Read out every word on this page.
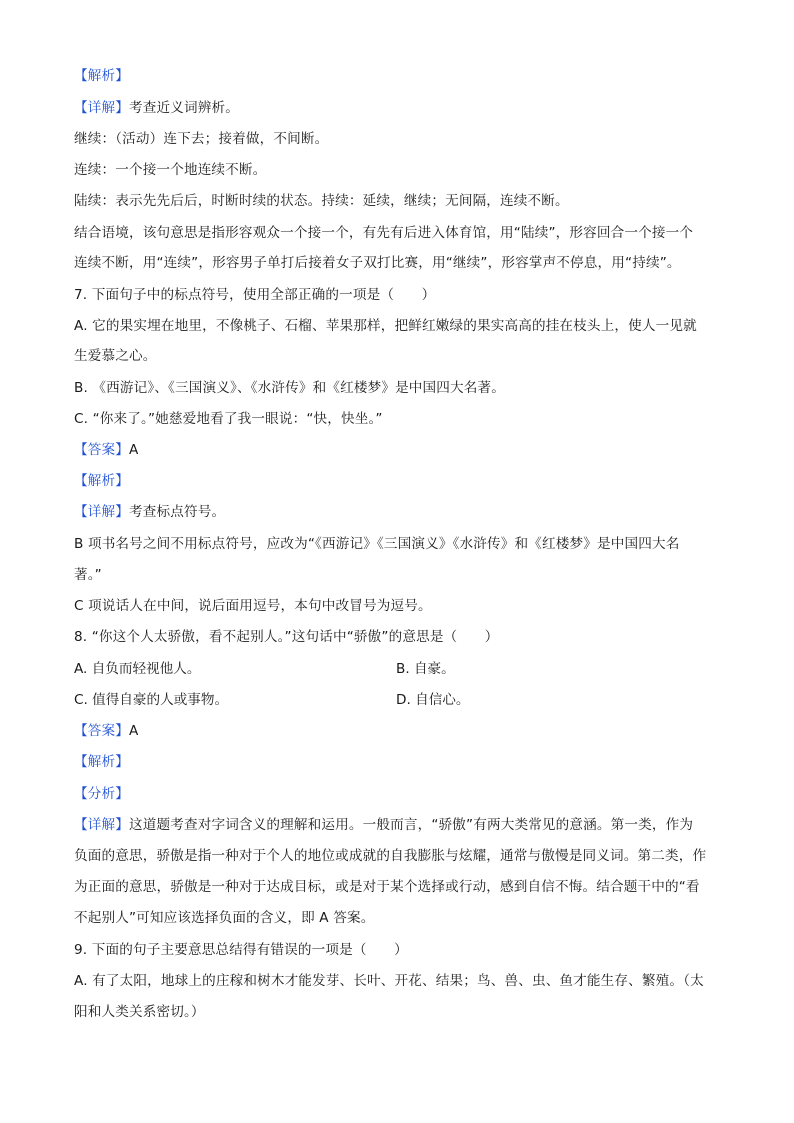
【解析】
【详解】考查近义词辨析。
继续：（活动）连下去；接着做，不间断。
连续：一个接一个地连续不断。
陆续：表示先先后后，时断时续的状态。持续：延续，继续；无间隔，连续不断。
结合语境，该句意思是指形容观众一个接一个，有先有后进入体育馆，用“陆续”，形容回合一个接一个
连续不断，用“连续”，形容男子单打后接着女子双打比赛，用“继续”，形容掌声不停息，用“持续”。
7. 下面句子中的标点符号，使用全部正确的一项是（　　）
A. 它的果实埋在地里，不像桃子、石榴、苹果那样，把鲜红嫩绿的果实高高的挂在枝头上，使人一见就
生爱慕之心。
B. 《西游记》、《三国演义》、《水浒传》和《红楼梦》是中国四大名著。
C. “你来了。”她慈爱地看了我一眼说：“快，快坐。”
【答案】A
【解析】
【详解】考查标点符号。
B 项书名号之间不用标点符号，应改为“《西游记》《三国演义》《水浒传》和《红楼梦》是中国四大名
著。”
C 项说话人在中间，说后面用逗号，本句中改冒号为逗号。
8. “你这个人太骄傲，看不起别人。”这句话中“骄傲”的意思是（　　）
A. 自负而轻视他人。	B. 自豪。
C. 值得自豪的人或事物。	D. 自信心。
【答案】A
【解析】
【分析】
【详解】这道题考查对字词含义的理解和运用。一般而言，“骄傲”有两大类常见的意涵。第一类，作为
负面的意思，骄傲是指一种对于个人的地位或成就的自我膨胀与炫耀，通常与傲慢是同义词。第二类，作
为正面的意思，骄傲是一种对于达成目标，或是对于某个选择或行动，感到自信不悔。结合题干中的“看
不起别人”可知应该选择负面的含义，即 A 答案。
9. 下面的句子主要意思总结得有错误的一项是（　　）
A. 有了太阳，地球上的庄稼和树木才能发芽、长叶、开花、结果；鸟、兽、虫、鱼才能生存、繁殖。（太
阳和人类关系密切。）
